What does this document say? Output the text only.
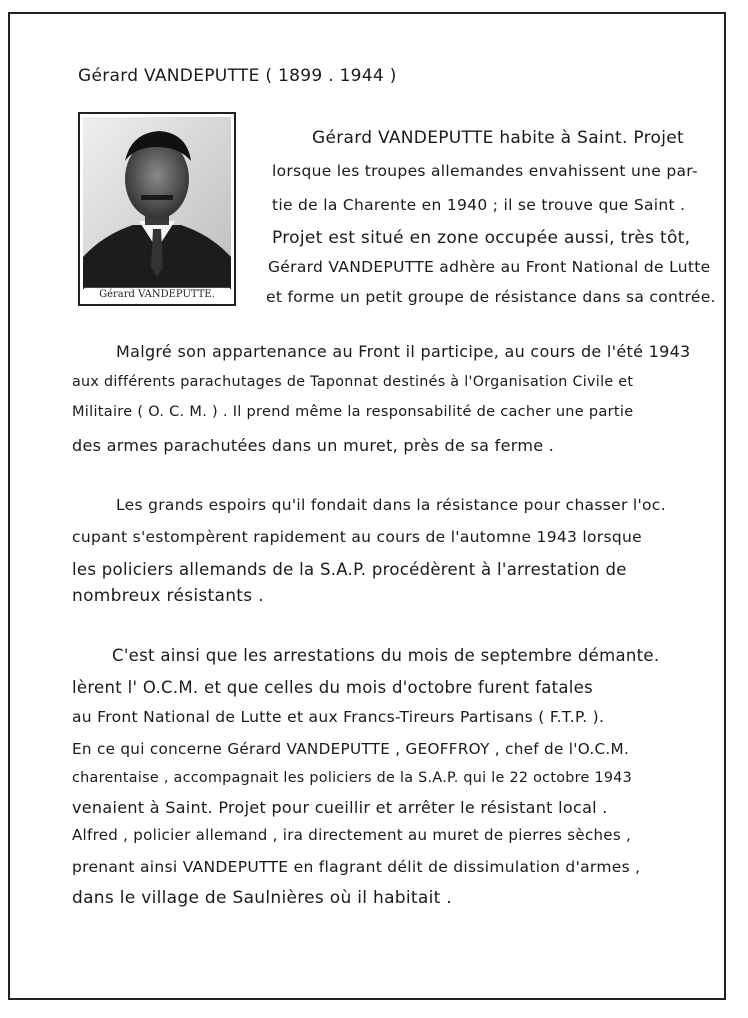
Gérard VANDEPUTTE ( 1899 . 1944 )
Gérard VANDEPUTTE.
Gérard VANDEPUTTE habite à Saint. Projet
lorsque les troupes allemandes envahissent une par-
tie de la Charente en 1940 ; il se trouve que Saint .
Projet est situé en zone occupée aussi, très tôt,
Gérard VANDEPUTTE adhère au Front National de Lutte
et forme un petit groupe de résistance dans sa contrée.
Malgré son appartenance au Front il participe, au cours de l'été 1943
aux différents parachutages de Taponnat destinés à l'Organisation Civile et
Militaire ( O. C. M. ) . Il prend même la responsabilité de cacher une partie
des armes parachutées dans un muret, près de sa ferme .
Les grands espoirs qu'il fondait dans la résistance pour chasser l'oc.
cupant s'estompèrent rapidement au cours de l'automne 1943 lorsque
les policiers allemands de la S.A.P. procédèrent à l'arrestation de
nombreux résistants .
C'est ainsi que les arrestations du mois de septembre démante.
lèrent l' O.C.M. et que celles du mois d'octobre furent fatales
au Front National de Lutte et aux Francs-Tireurs Partisans ( F.T.P. ).
En ce qui concerne Gérard VANDEPUTTE , GEOFFROY , chef de l'O.C.M.
charentaise , accompagnait les policiers de la S.A.P. qui le 22 octobre 1943
venaient à Saint. Projet pour cueillir et arrêter le résistant local .
Alfred , policier allemand , ira directement au muret de pierres sèches ,
prenant ainsi VANDEPUTTE en flagrant délit de dissimulation d'armes ,
dans le village de Saulnières où il habitait .
